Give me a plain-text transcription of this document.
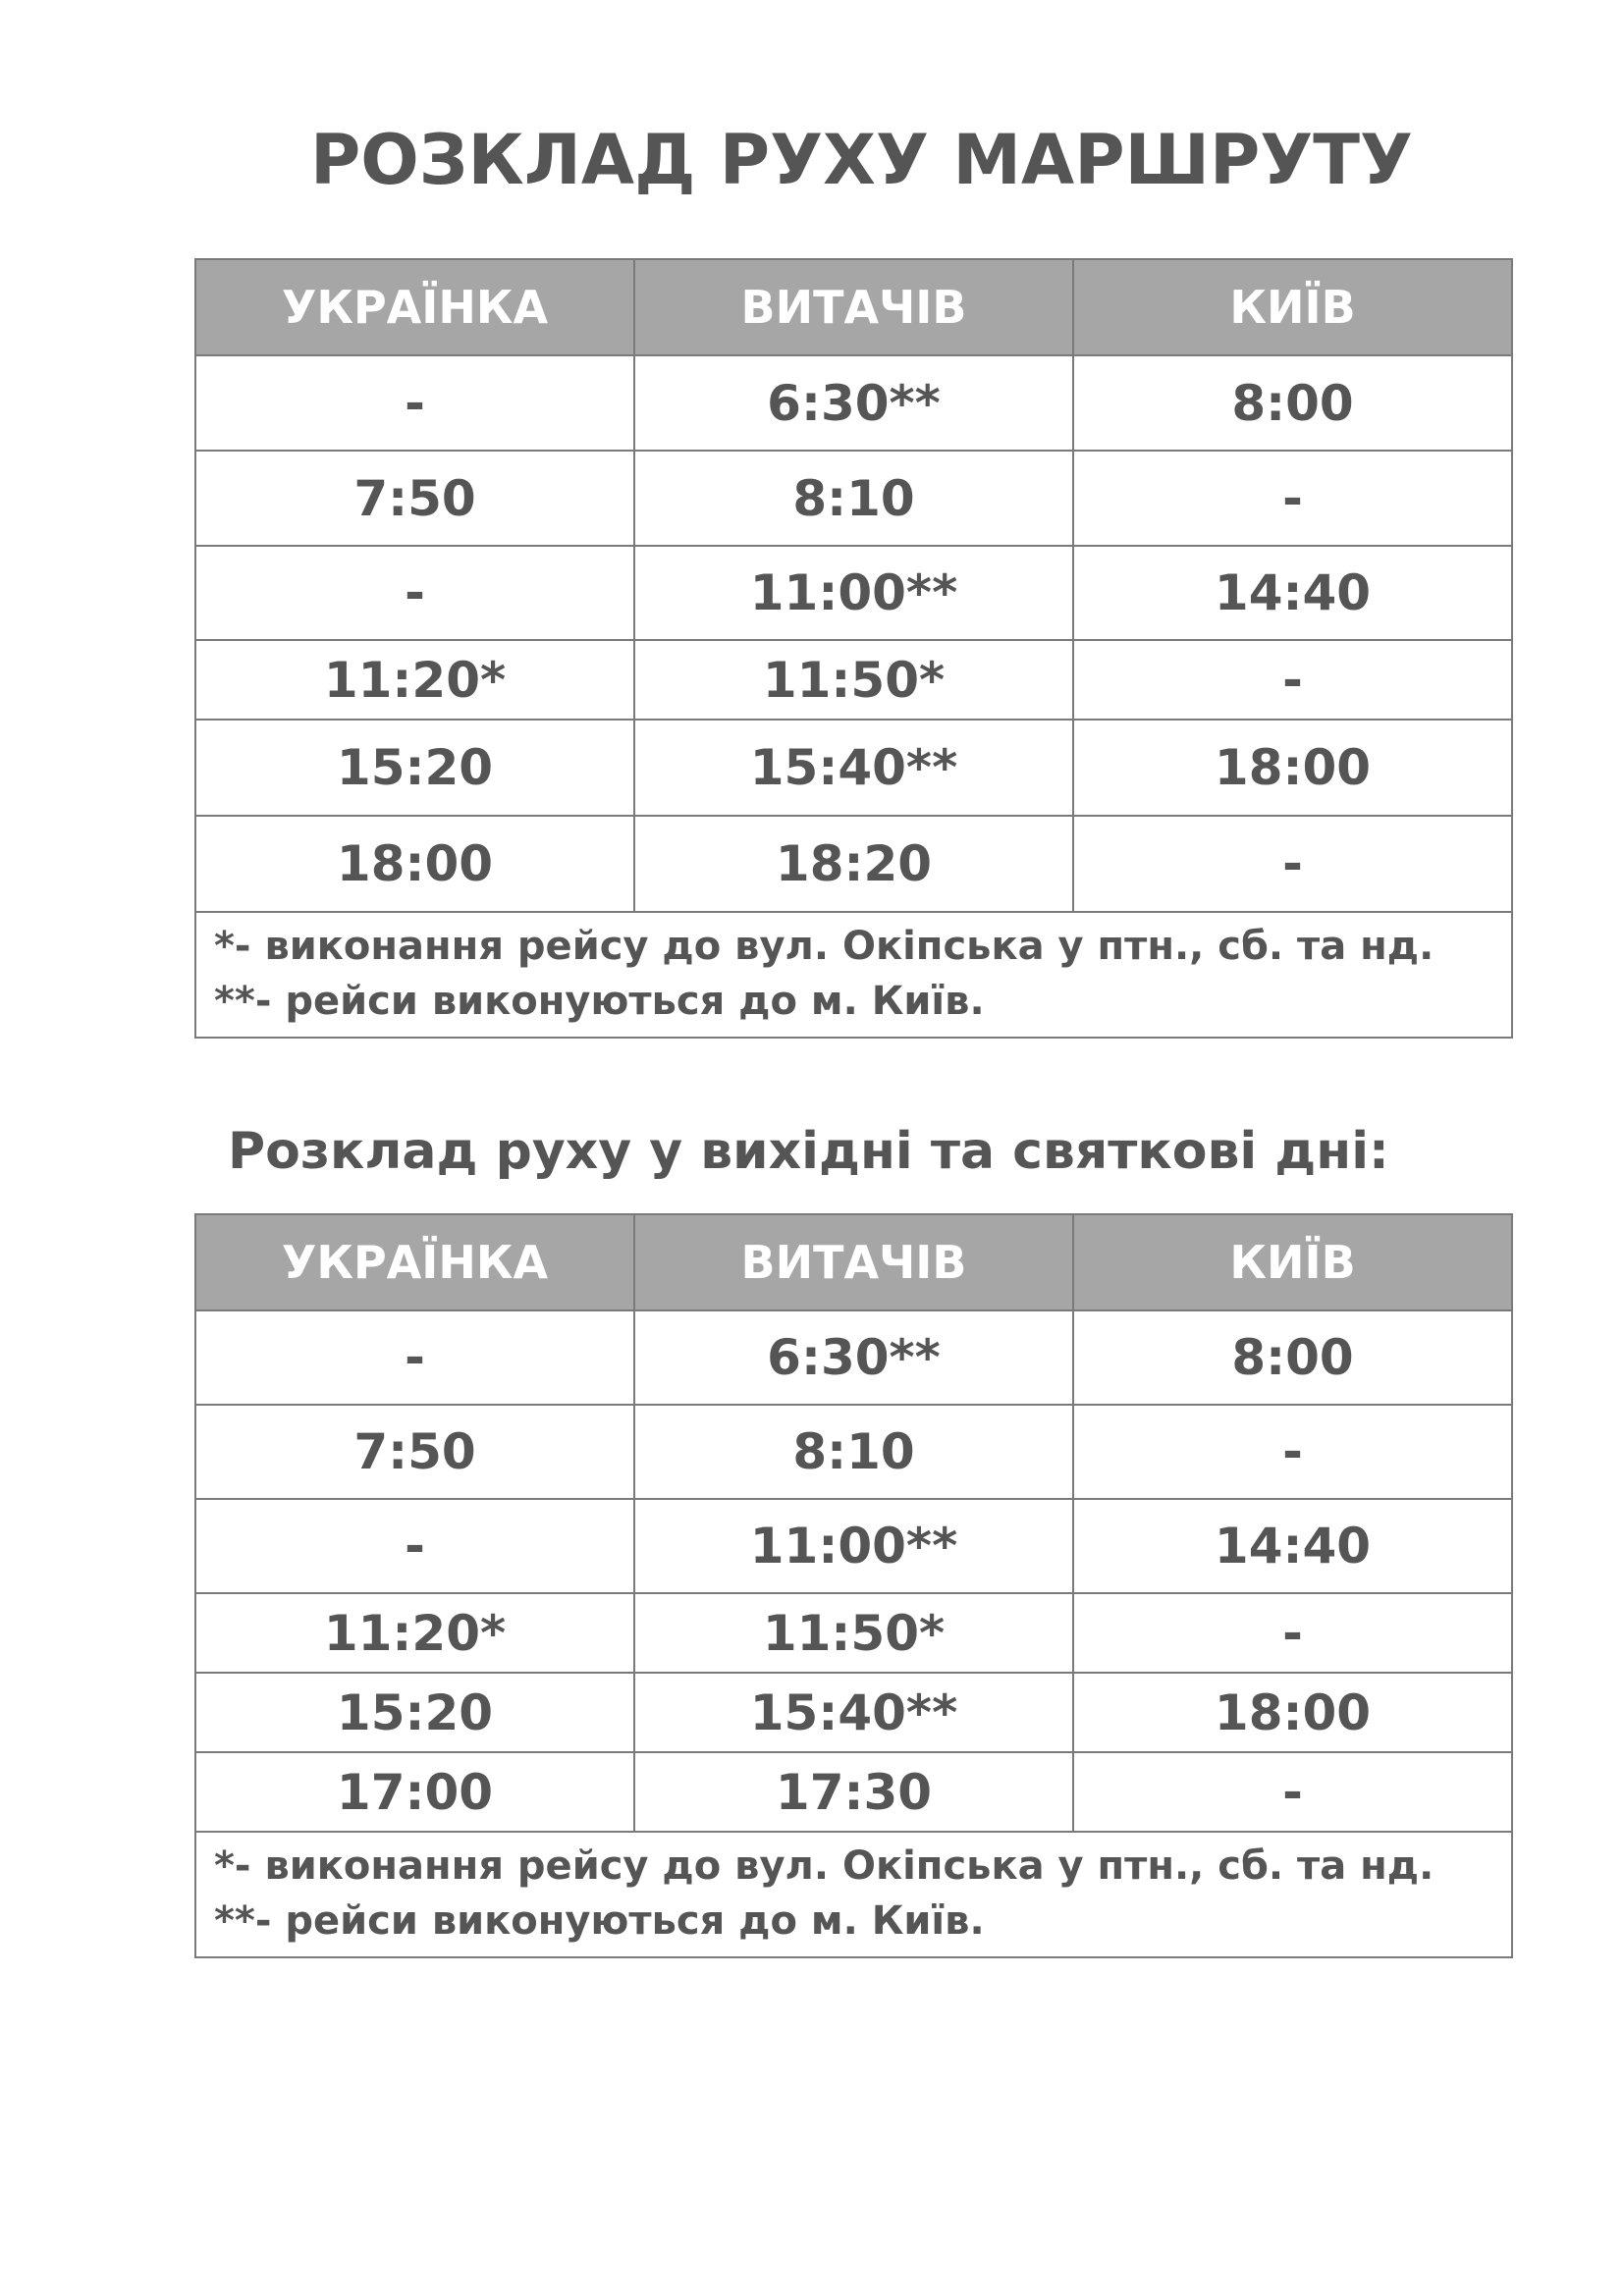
РОЗКЛАД РУХУ МАРШРУТУ
УКРАЇНКА	ВИТАЧІВ	КИЇВ
-	6:30**	8:00
7:50	8:10	-
-	11:00**	14:40
11:20*	11:50*	-
15:20	15:40**	18:00
18:00	18:20	-

*- виконання рейсу до вул. Окіпська у птн., сб. та нд.
**- рейси виконуються до м. Київ.		
Розклад руху у вихідні та святкові дні:
УКРАЇНКА	ВИТАЧІВ	КИЇВ
-	6:30**	8:00
7:50	8:10	-
-	11:00**	14:40
11:20*	11:50*	-
15:20	15:40**	18:00
17:00	17:30	-

*- виконання рейсу до вул. Окіпська у птн., сб. та нд.
**- рейси виконуються до м. Київ.		
